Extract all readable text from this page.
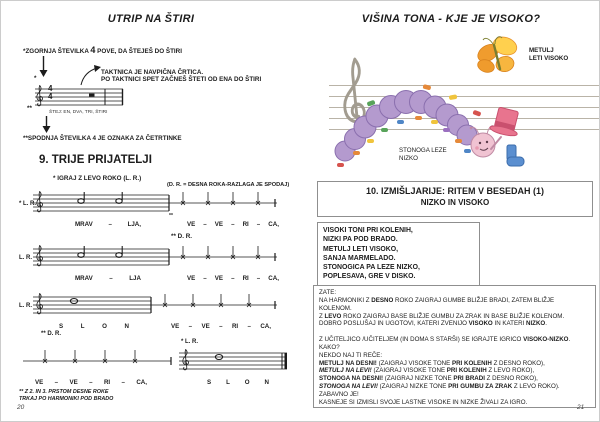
UTRIP NA ŠTIRI
*ZGORNJA ŠTEVILKA 4 POVE, DA ŠTEJEŠ DO ŠTIRI
TAKTNICA JE NAVPIČNA ČRTICA.
PO TAKTNICI SPET ZAČNEŠ ŠTETI OD ENA DO ŠTIRI
*
4
4
**
ŠTEJ: EN, DVA, TRI, ŠTIRI
**SPODNJA ŠTEVILKA 4 JE OZNAKA ZA ČETRTINKE
9. TRIJE PRIJATELJI
* IGRAJ Z LEVO ROKO (L. R.)
(D. R. = DESNA ROKA-RAZLAGA JE SPODAJ)
* L. R.
**
MRAV	–	LJA,	VE – VE – RI – CA,
** D. R.
L. R.
MRAV	–	LJA	VE – VE – RI – CA,
L. R.
S	L	O	N	VE – VE – RI – CA,
** D. R.
* L. R.
VE – VE – RI – CA,	S L O N
** Z 2. IN 3. PRSTOM DESNE ROKE
TRKAJ PO HARMONIKI POD BRADO
20
VIŠINA TONA - KJE JE VISOKO?
METULJ
LETI VISOKO
STONOGA LEZE
NIZKO
10. IZMIŠLJARIJE: RITEM V BESEDAH (1)
NIZKO IN VISOKO
VISOKI TONI PRI KOLENIH,
NIZKI PA POD BRADO.
METULJ LETI VISOKO,
SANJA MARMELADO.
STONOGICA PA LEZE NIZKO,
POPLESAVA, GRE V DISKO.
ZATE:
NA HARMONIKI Z DESNO ROKO ZAIGRAJ GUMBE BLIŽJE BRADI, ZATEM BLIŽJE
KOLENOM.
Z LEVO ROKO ZAIGRAJ BASE BLIŽJE GUMBU ZA ZRAK IN BASE BLIŽJE KOLENOM.
DOBRO POSLUŠAJ IN UGOTOVI, KATERI ZVENIJO VISOKO IN KATERI NIZKO.

Z UČITELJICO /UČITELJEM (IN DOMA S STARŠI) SE IGRAJTE IGRICO VISOKO-NIZKO.
KAKO?
NEKDO NAJ TI REČE:
METULJ NA DESNI! (ZAIGRAJ VISOKE TONE PRI KOLENIH Z DESNO ROKO),
METULJ NA LEVI! (ZAIGRAJ VISOKE TONE PRI KOLENIH Z LEVO ROKO),
STONOGA NA DESNI! (ZAIGRAJ NIZKE TONE PRI BRADI Z DESNO ROKO),
STONOGA NA LEVI! (ZAIGRAJ NIZKE TONE PRI GUMBU ZA ZRAK Z LEVO ROKO).
ZABAVNO JE!
KASNEJE SI IZMISLI SVOJE LASTNE VISOKE IN NIZKE ŽIVALI ZA IGRO.
21
